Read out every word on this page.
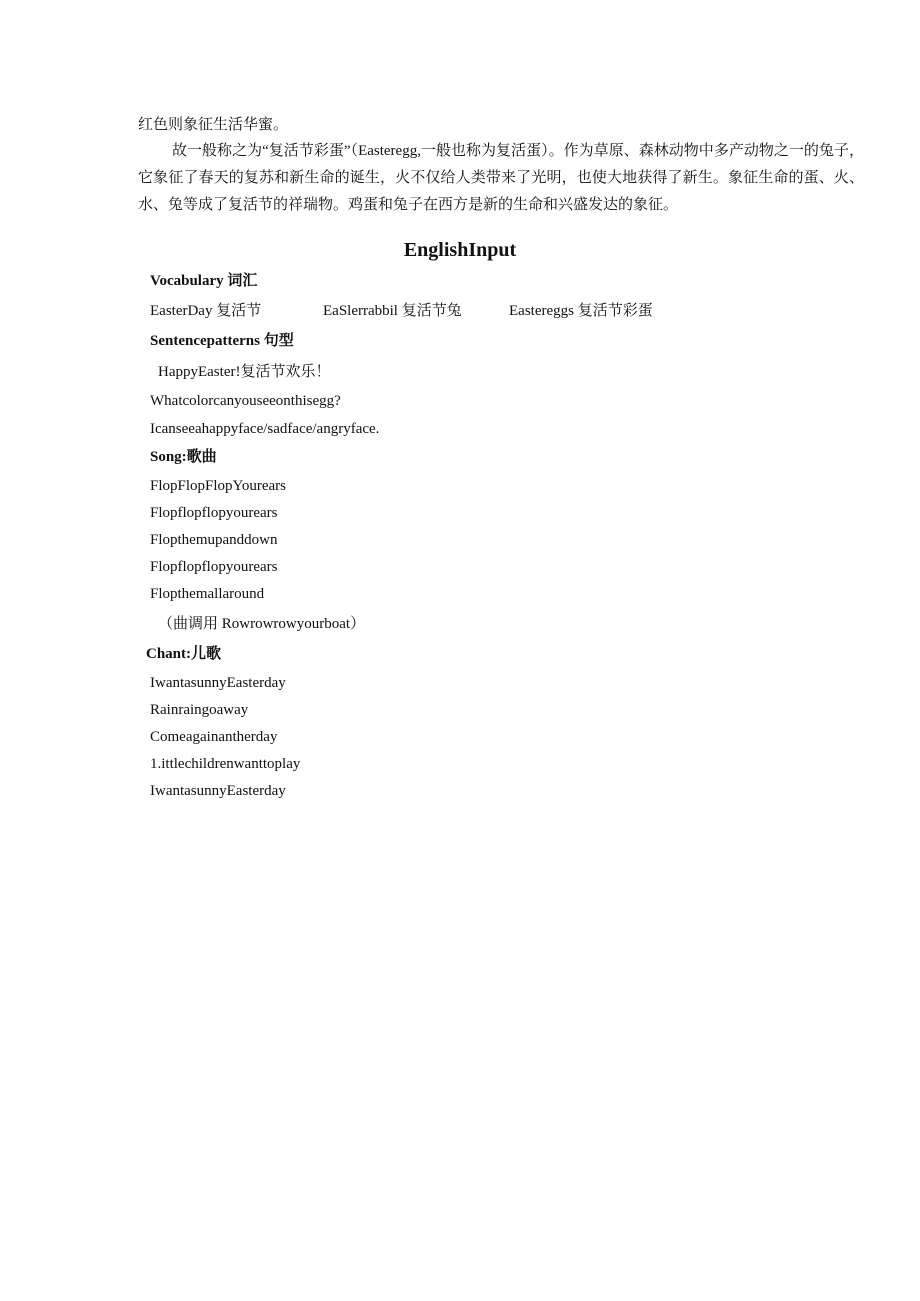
红色则象征生活华蜜。

故一般称之为“复活节彩蛋”（Easteregg,一般也称为复活蛋）。作为草原、森林动物中多产动物之一的兔子，它象征了春天的复苏和新生命的诞生，火不仅给人类带来了光明，也使大地获得了新生。象征生命的蛋、火、水、兔等成了复活节的祥瑞物。鸡蛋和兔子在西方是新的生命和兴盛发达的象征。

EnglishInput

Vocabulary 词汇

EasterDay 复活节	EaSlerrabbil 复活节兔	Eastereggs 复活节彩蛋

Sentencepatterns 句型

HappyEaster!复活节欢乐！

Whatcolorcanyouseeonthisegg?

Icanseeahappyface/sadface/angryface.

Song:歌曲

FlopFlopFlopYourears

Flopflopflopyourears

Flopthemupanddown

Flopflopflopyourears

Flopthemallaround

（曲调用 Rowrowrowyourboat）

Chant:儿歌

IwantasunnyEasterday

Rainraingoaway

Comeagainantherday

1.ittlechildrenwanttoplay

IwantasunnyEasterday
